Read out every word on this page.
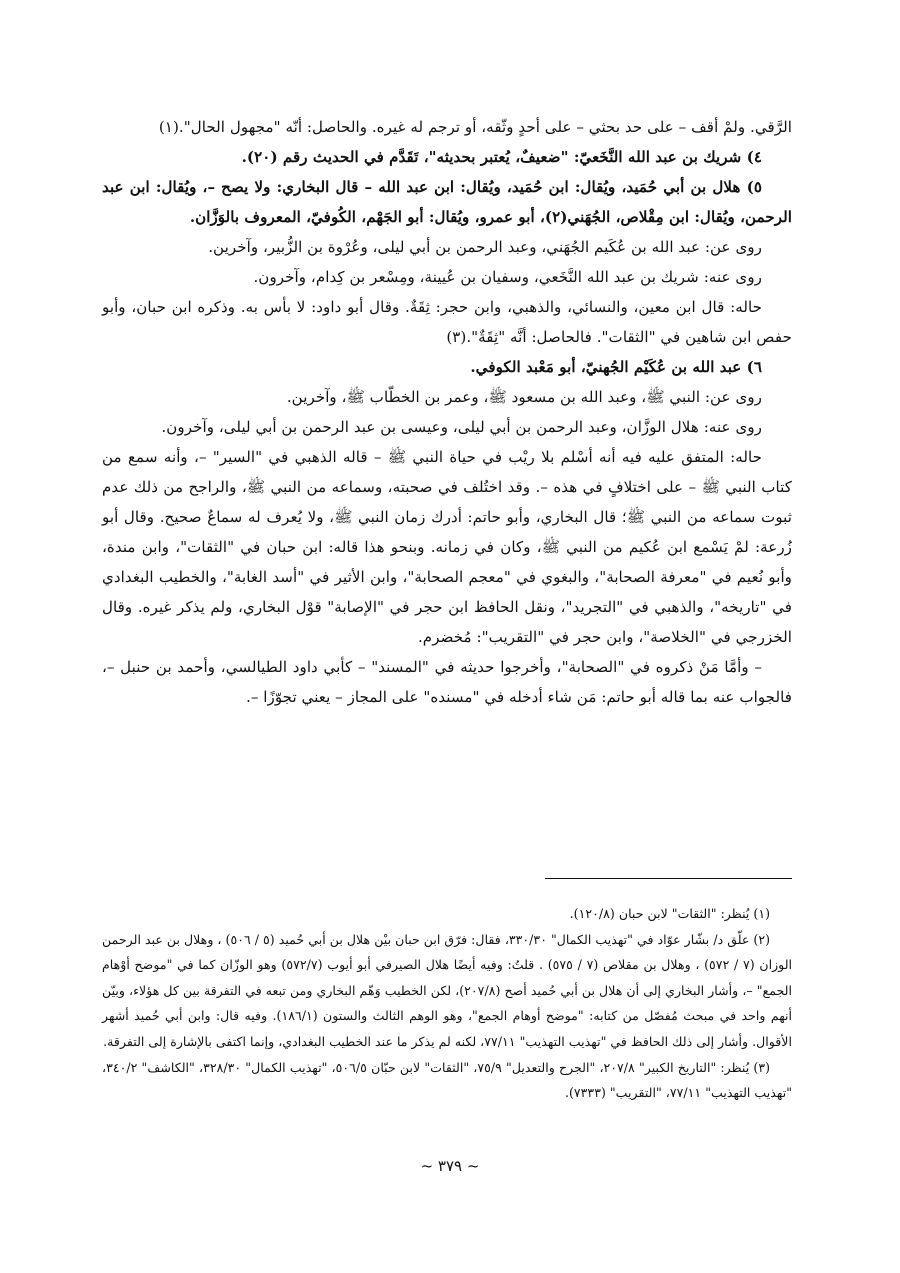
الرَّقي. ولمْ أقف – على حد بحثي – على أحدٍ وثّقه، أو ترجم له غيره. والحاصل: أنّه "مجهول الحال".(١)

٤) شريك بن عبد الله النَّخَعيّ: "ضعيفٌ، يُعتبر بحديثه"، تَقَدَّم في الحديث رقم (٢٠).

٥) هلال بن أبي حُمَيد، ويُقال: ابن حُمَيد، ويُقال: ابن عبد الله – قال البخاري: ولا يصح –، ويُقال: ابن عبد الرحمن، ويُقال: ابن مِقْلاص، الجُهَني(٢)، أبو عمرو، ويُقال: أبو الجَهْم، الكُوفيّ، المعروف بالوَزَّان.

روى عن: عبد الله بن عُكَيم الجُهَني، وعبد الرحمن بن أبي ليلى، وعُرْوة بن الزُّبير، وآخرين.

روى عنه: شريك بن عبد الله النَّخَعي، وسفيان بن عُيينة، ومِسْعر بن كِدام، وآخرون.

حاله: قال ابن معين، والنسائي، والذهبي، وابن حجر: ثِقَةٌ. وقال أبو داود: لا بأس به. وذكره ابن حبان، وأبو حفص ابن شاهين في "الثقات". فالحاصل: أنَّه "ثِقَةٌ".(٣)

٦) عبد الله بن عُكَيْم الجُهنيّ، أبو مَعْبد الكوفي.

روى عن: النبي ﷺ، وعبد الله بن مسعود ﷺ، وعمر بن الخطّاب ﷺ، وآخرين.

روى عنه: هلال الوزَّان، وعبد الرحمن بن أبي ليلى، وعيسى بن عبد الرحمن بن أبي ليلى، وآخرون.

حاله: المتفق عليه فيه أنه أسْلم بلا ريْب في حياة النبي ﷺ – قاله الذهبي في "السير" –، وأنه سمع من كتاب النبي ﷺ – على اختلافٍ في هذه –. وقد اختُلف في صحبته، وسماعه من النبي ﷺ، والراجح من ذلك عدم ثبوت سماعه من النبي ﷺ؛ قال البخاري، وأبو حاتم: أدرك زمان النبي ﷺ، ولا يُعرف له سماعٌ صحيح. وقال أبو زُرعة: لمْ يَسْمع ابن عُكيم من النبي ﷺ، وكان في زمانه. وبنحو هذا قاله: ابن حبان في "الثقات"، وابن مندة، وأبو نُعيم في "معرفة الصحابة"، والبغوي في "معجم الصحابة"، وابن الأثير في "أسد الغابة"، والخطيب البغدادي في "تاريخه"، والذهبي في "التجريد"، ونقل الحافظ ابن حجر في "الإصابة" قوْل البخاري، ولم يذكر غيره. وقال الخزرجي في "الخلاصة"، وابن حجر في "التقريب": مُخضرم.

– وأمَّا مَنْ ذكروه في "الصحابة"، وأخرجوا حديثه في "المسند" – كأبي داود الطيالسي، وأحمد بن حنبل –، فالجواب عنه بما قاله أبو حاتم: مَن شاء أدخله في "مسنده" على المجاز – يعني تجوّزًا –.

(١) يُنظر: "الثقات" لابن حبان (١٢٠/٨).

(٢) علّق د/ بشّار عوّاد في "تهذيب الكمال" ٣٣٠/٣٠، فقال: فرّق ابن حبان بيْن هلال بن أبي حُميد (٥ / ٥٠٦) ، وهلال بن عبد الرحمن الوزان (٧ / ٥٧٢) ، وهلال بن مقلاص (٧ / ٥٧٥) . قلتُ: وفيه أيضًا هلال الصيرفي أبو أيوب (٥٧٢/٧) وهو الوزّان كما في "موضح أوْهام الجمع" –، وأشار البخاري إلى أن هلال بن أبي حُميد أصح (٢٠٧/٨)، لكن الخطيب وَهّم البخاري ومن تبعه في التفرقة بين كل هؤلاء، وبيّن أنهم واحد في مبحث مُفصّل من كتابه: "موضح أوهام الجمع"، وهو الوهم الثالث والستون (١٨٦/١). وفيه قال: وابن أبي حُميد أشهر الأقوال. وأشار إلى ذلك الحافظ في "تهذيب التهذيب" ٧٧/١١، لكنه لم يذكر ما عند الخطيب البغدادي، وإنما اكتفى بالإشارة إلى التفرقة.

(٣) يُنظر: "التاريخ الكبير" ٢٠٧/٨، "الجرح والتعديل" ٧٥/٩، "الثقات" لابن حبّان ٥٠٦/٥، "تهذيب الكمال" ٣٢٨/٣٠، "الكاشف" ٣٤٠/٢، "تهذيب التهذيب" ٧٧/١١، "التقريب" (٧٣٣٣).

~ ٣٧٩ ~
